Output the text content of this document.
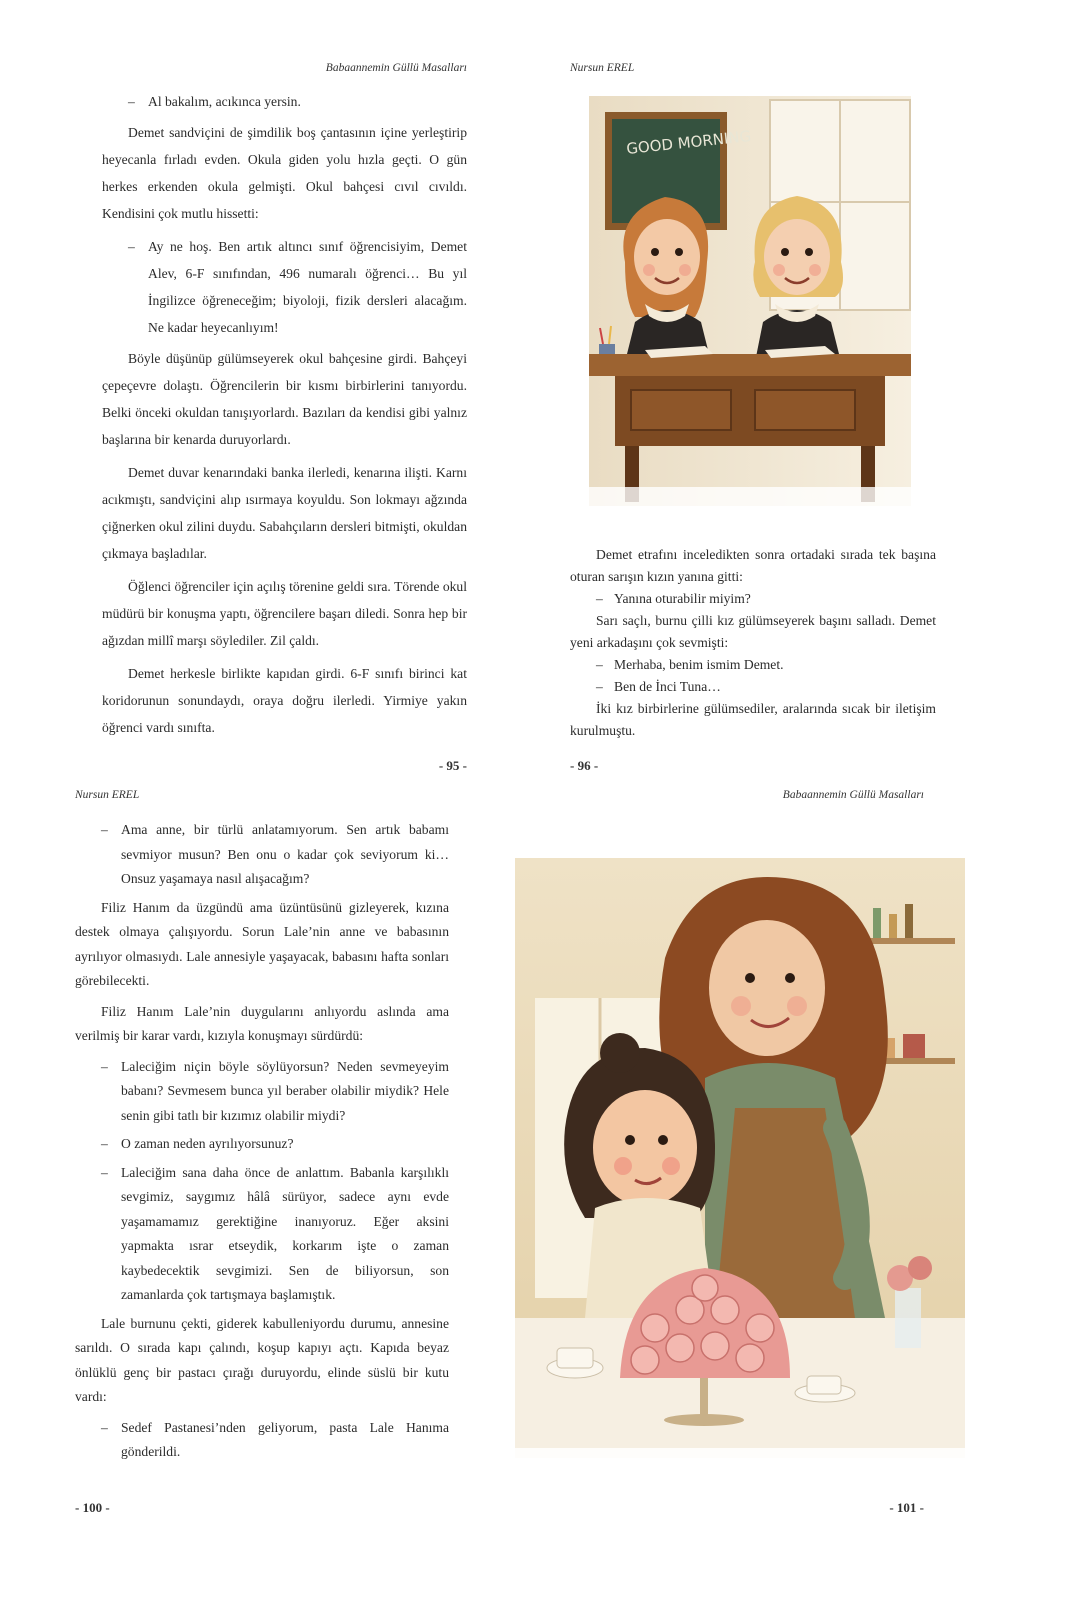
Babaannemin Güllü Masalları
– Al bakalım, acıkınca yersin.

Demet sandviçini de şimdilik boş çantasının içine yerleştirip heyecanla fırladı evden. Okula giden yolu hızla geçti. O gün herkes erkenden okula gelmişti. Okul bahçesi cıvıl cıvıldı. Kendisini çok mutlu hissetti:

– Ay ne hoş. Ben artık altıncı sınıf öğrencisiyim, Demet Alev, 6-F sınıfından, 496 numaralı öğrenci… Bu yıl İngilizce öğreneceğim; biyoloji, fizik dersleri alacağım. Ne kadar heyecanlıyım!

Böyle düşünüp gülümseyerek okul bahçesine girdi. Bahçeyi çepeçevre dolaştı. Öğrencilerin bir kısmı birbirlerini tanıyordu. Belki önceki okuldan tanışıyorlardı. Bazıları da kendisi gibi yalnız başlarına bir kenarda duruyorlardı.

Demet duvar kenarındaki banka ilerledi, kenarına ilişti. Karnı acıkmıştı, sandviçini alıp ısırmaya koyuldu. Son lokmayı ağzında çiğnerken okul zilini duydu. Sabahçıların dersleri bitmişti, okuldan çıkmaya başladılar.

Öğlenci öğrenciler için açılış törenine geldi sıra. Törende okul müdürü bir konuşma yaptı, öğrencilere başarı diledi. Sonra hep bir ağızdan millî marşı söylediler. Zil çaldı.

Demet herkesle birlikte kapıdan girdi. 6-F sınıfı birinci kat koridorunun sonundaydı, oraya doğru ilerledi. Yirmiye yakın öğrenci vardı sınıfta.

- 95 -
Nursun EREL
GOOD MORNING

Demet etrafını inceledikten sonra ortadaki sırada tek başına oturan sarışın kızın yanına gitti:

– Yanına oturabilir miyim?

Sarı saçlı, burnu çilli kız gülümseyerek başını salladı. Demet yeni arkadaşını çok sevmişti:

– Merhaba, benim ismim Demet.
– Ben de İnci Tuna…

İki kız birbirlerine gülümsediler, aralarında sıcak bir iletişim kurulmuştu.

- 96 -
Nursun EREL
– Ama anne, bir türlü anlatamıyorum. Sen artık babamı sevmiyor musun? Ben onu o kadar çok seviyorum ki… Onsuz yaşamaya nasıl alışacağım?

Filiz Hanım da üzgündü ama üzüntüsünü gizleyerek, kızına destek olmaya çalışıyordu. Sorun Lale’nin anne ve babasının ayrılıyor olmasıydı. Lale annesiyle yaşayacak, babasını hafta sonları görebilecekti.

Filiz Hanım Lale’nin duygularını anlıyordu aslında ama verilmiş bir karar vardı, kızıyla konuşmayı sürdürdü:

– Laleciğim niçin böyle söylüyorsun? Neden sevmeyeyim babanı? Sevmesem bunca yıl beraber olabilir miydik? Hele senin gibi tatlı bir kızımız olabilir miydi?
– O zaman neden ayrılıyorsunuz?
– Laleciğim sana daha önce de anlattım. Babanla karşılıklı sevgimiz, saygımız hâlâ sürüyor, sadece aynı evde yaşamamamız gerektiğine inanıyoruz. Eğer aksini yapmakta ısrar etseydik, korkarım işte o zaman kaybedecektik sevgimizi. Sen de biliyorsun, son zamanlarda çok tartışmaya başlamıştık.

Lale burnunu çekti, giderek kabulleniyordu durumu, annesine sarıldı. O sırada kapı çalındı, koşup kapıyı açtı. Kapıda beyaz önlüklü genç bir pastacı çırağı duruyordu, elinde süslü bir kutu vardı:

– Sedef Pastanesi’nden geliyorum, pasta Lale Hanıma gönderildi.
- 100 -
Babaannemin Güllü Masalları
- 101 -
